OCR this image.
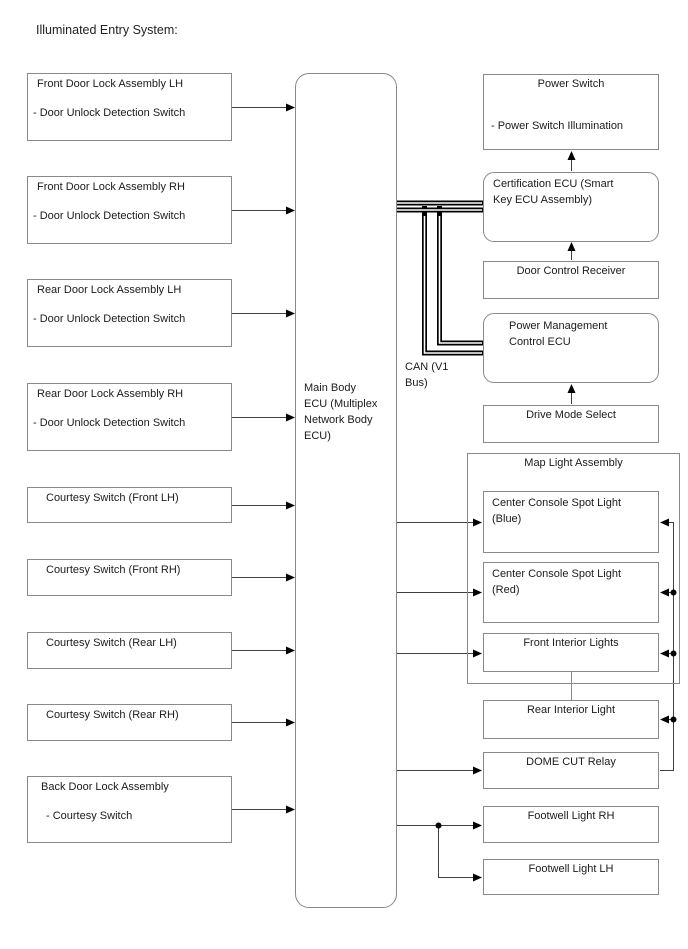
Illuminated Entry System:
Front Door Lock Assembly LH
- Door Unlock Detection Switch
Front Door Lock Assembly RH
- Door Unlock Detection Switch
Rear Door Lock Assembly LH
- Door Unlock Detection Switch
Rear Door Lock Assembly RH
- Door Unlock Detection Switch
Courtesy Switch (Front LH)
Courtesy Switch (Front RH)
Courtesy Switch (Rear LH)
Courtesy Switch (Rear RH)
Back Door Lock Assembly
- Courtesy Switch
Main Body
ECU (Multiplex
Network Body
ECU)
CAN (V1
Bus)
Power Switch
- Power Switch Illumination
Certification ECU (Smart
Key ECU Assembly)
Door Control Receiver
Power Management
Control ECU
Drive Mode Select
Map Light Assembly
Center Console Spot Light
(Blue)
Center Console Spot Light
(Red)
Front Interior Lights
Rear Interior Light
DOME CUT Relay
Footwell Light RH
Footwell Light LH
